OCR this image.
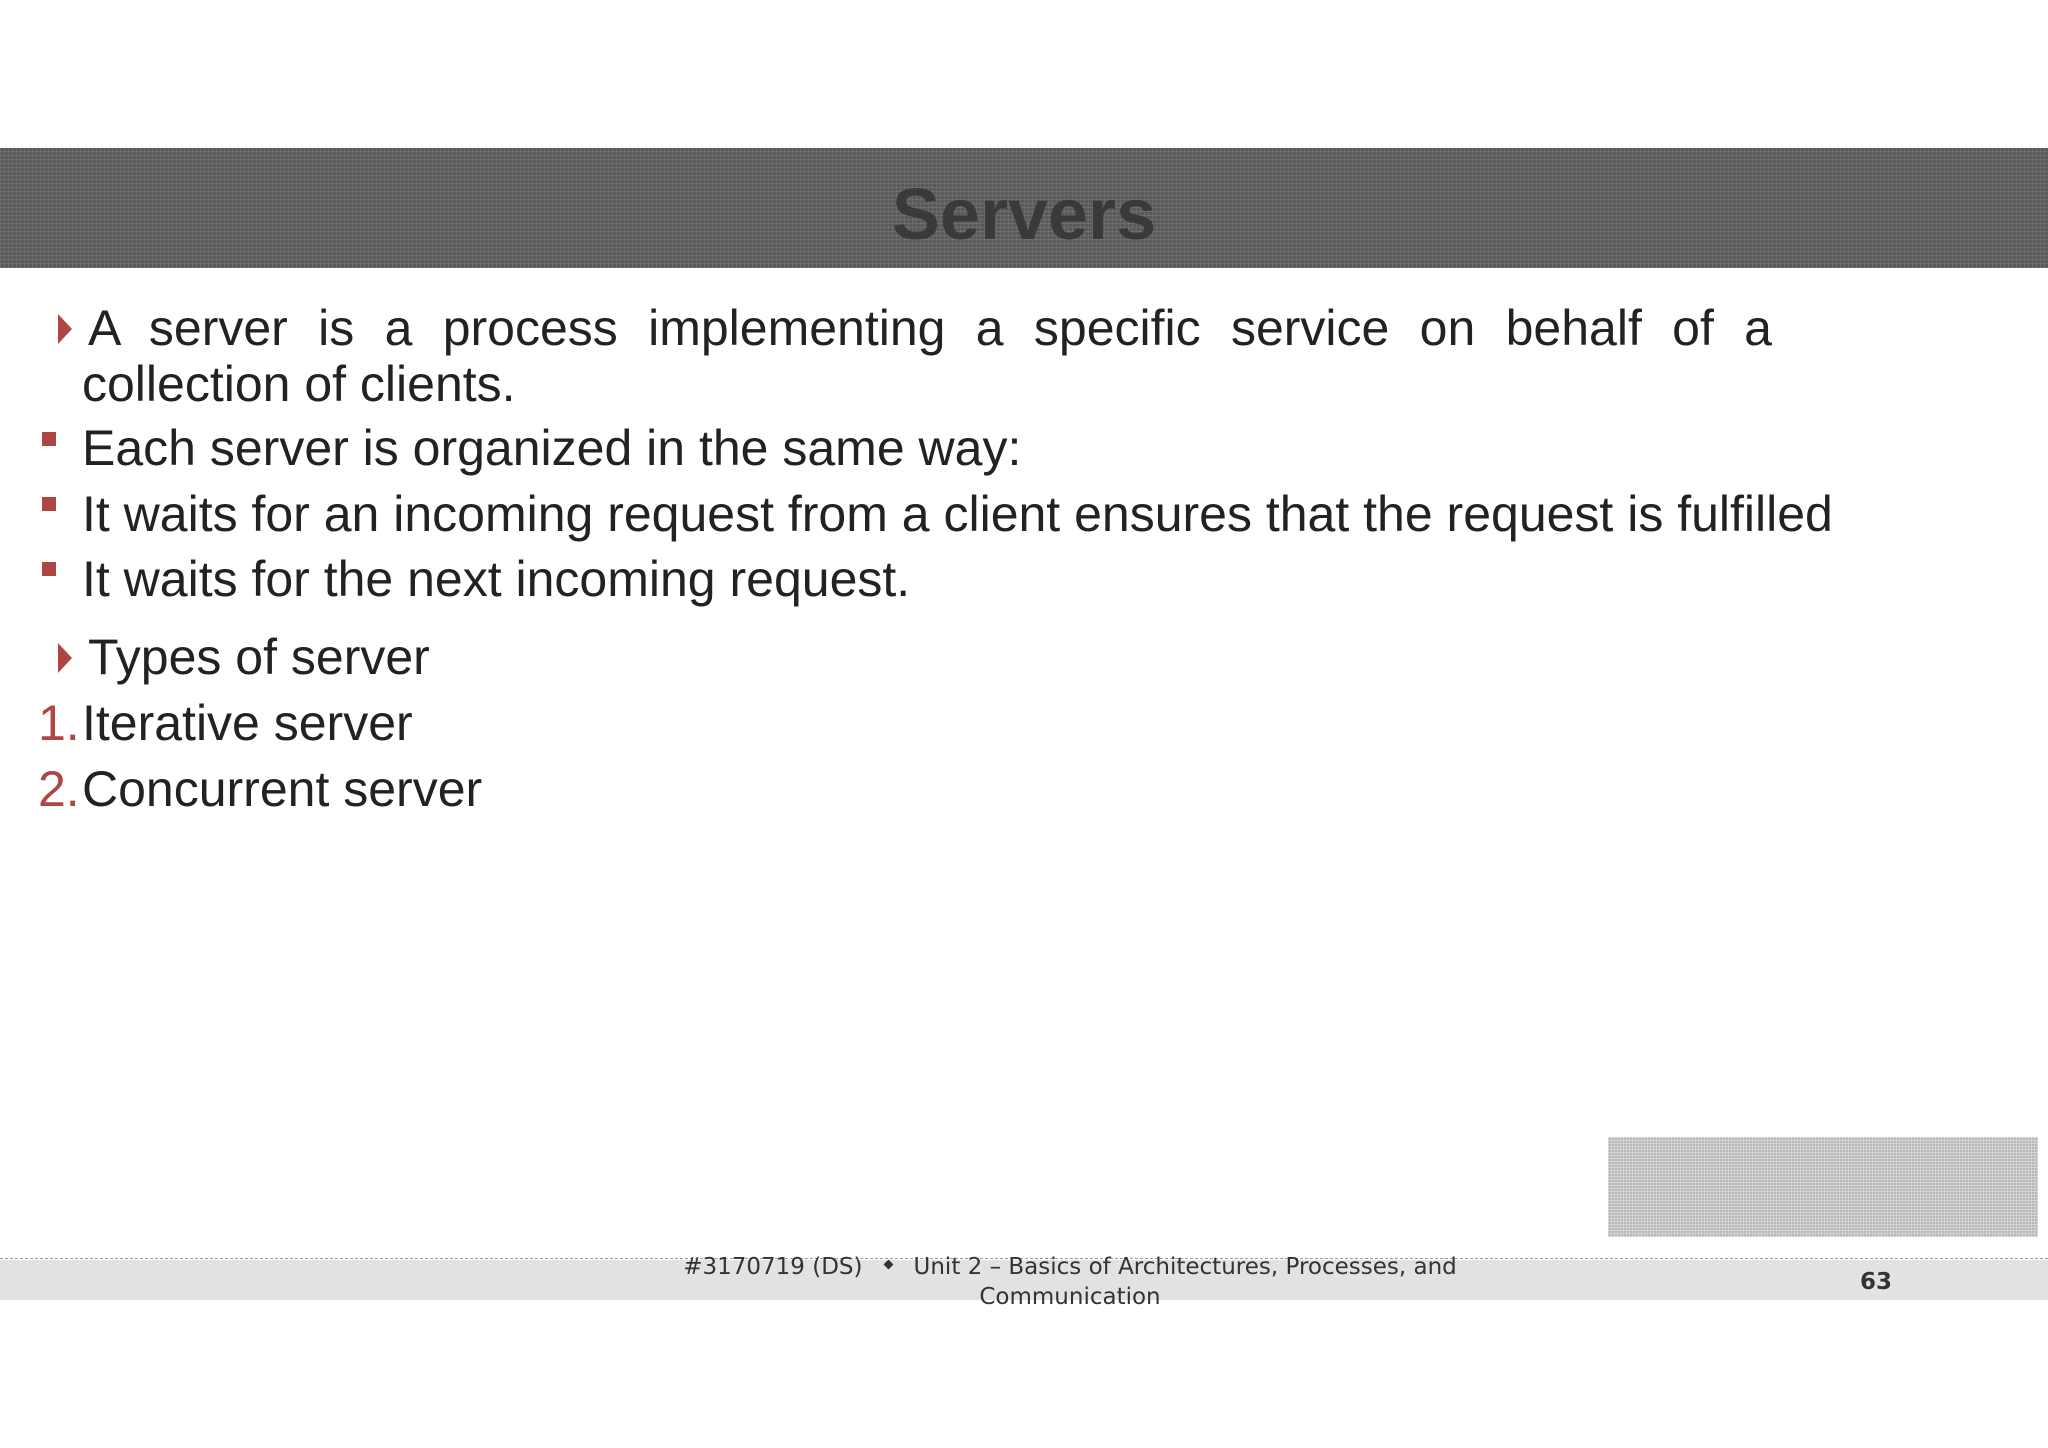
Servers
A server is a process implementing a specific service on behalf of a
collection of clients.
Each server is organized in the same way:
It waits for an incoming request from a client ensures that the request is fulfilled
It waits for the next incoming request.
Types of server
1. Iterative server
2. Concurrent server
#3170719 (DS) Unit 2 – Basics of Architectures, Processes, and
Communication
63
